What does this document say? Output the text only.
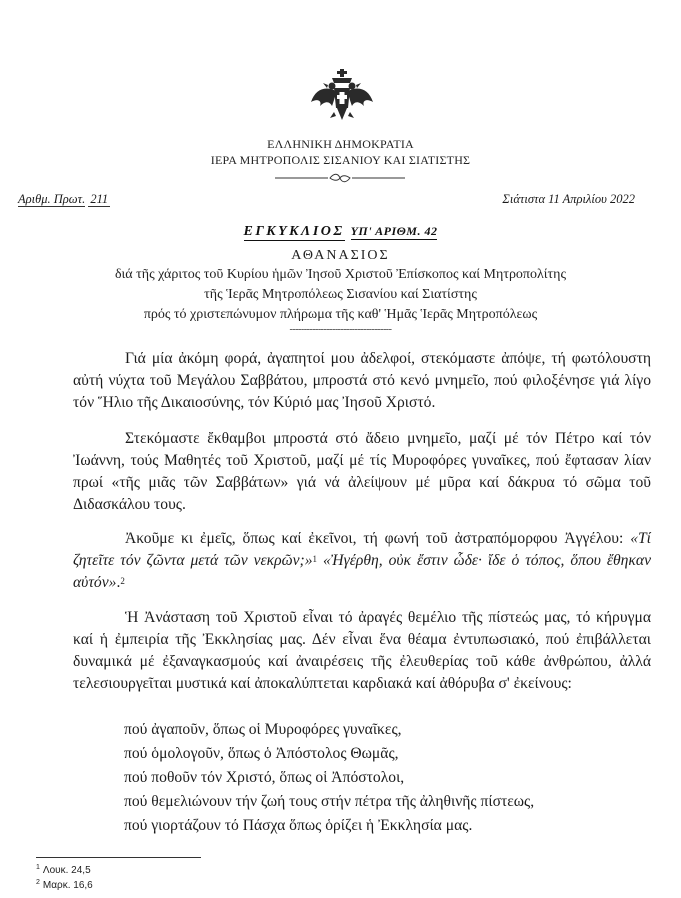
ΕΛΛΗΝΙΚΗ ΔΗΜΟΚΡΑΤΙΑ
ΙΕΡΑ ΜΗΤΡΟΠΟΛΙΣ ΣΙΣΑΝΙΟΥ ΚΑΙ ΣΙΑΤΙΣΤΗΣ
Αριθμ. Πρωτ. 211	Σιάτιστα 11 Απριλίου 2022
ΕΓΚΥΚΛΙΟΣ ΥΠ' ΑΡΙΘΜ. 42
ΑΘΑΝΑΣΙΟΣ
διά τῆς χάριτος τοῦ Κυρίου ἡμῶν Ἰησοῦ Χριστοῦ Ἐπίσκοπος καί Μητροπολίτης
τῆς Ἱερᾶς Μητροπόλεως Σισανίου καί Σιατίστης
πρός τό χριστεπώνυμον πλήρωμα τῆς καθ' Ἡμᾶς Ἱερᾶς Μητροπόλεως
------------------------------------

Γιά μία ἀκόμη φορά, ἀγαπητοί μου ἀδελφοί, στεκόμαστε ἀπόψε, τή φωτόλουστη αὐτή νύχτα τοῦ Μεγάλου Σαββάτου, μπροστά στό κενό μνημεῖο, πού φιλοξένησε γιά λίγο τόν Ἥλιο τῆς Δικαιοσύνης, τόν Κύριό μας Ἰησοῦ Χριστό.

Στεκόμαστε ἔκθαμβοι μπροστά στό ἄδειο μνημεῖο, μαζί μέ τόν Πέτρο καί τόν Ἰωάννη, τούς Μαθητές τοῦ Χριστοῦ, μαζί μέ τίς Μυροφόρες γυναῖκες, πού ἔφτασαν λίαν πρωί «τῆς μιᾶς τῶν Σαββάτων» γιά νά ἀλείψουν μέ μῦρα καί δάκρυα τό σῶμα τοῦ Διδασκάλου τους.

Ἀκοῦμε κι ἐμεῖς, ὅπως καί ἐκεῖνοι, τή φωνή τοῦ ἀστραπόμορφου Ἀγγέλου: «Τί ζητεῖτε τόν ζῶντα μετά τῶν νεκρῶν;»$^1$ «Ἠγέρθη, οὐκ ἔστιν ὧδε· ἴδε ὁ τόπος, ὅπου ἔθηκαν αὐτόν».$^2$

Ἡ Ἀνάσταση τοῦ Χριστοῦ εἶναι τό ἀραγές θεμέλιο τῆς πίστεώς μας, τό κήρυγμα καί ἡ ἐμπειρία τῆς Ἐκκλησίας μας. Δέν εἶναι ἕνα θέαμα ἐντυπωσιακό, πού ἐπιβάλλεται δυναμικά μέ ἐξαναγκασμούς καί ἀναιρέσεις τῆς ἐλευθερίας τοῦ κάθε ἀνθρώπου, ἀλλά τελεσιουργεῖται μυστικά καί ἀποκαλύπτεται καρδιακά καί ἀθόρυβα σ' ἐκείνους:

πού ἀγαποῦν, ὅπως οἱ Μυροφόρες γυναῖκες,
πού ὁμολογοῦν, ὅπως ὁ Ἀπόστολος Θωμᾶς,
πού ποθοῦν τόν Χριστό, ὅπως οἱ Ἀπόστολοι,
πού θεμελιώνουν τήν ζωή τους στήν πέτρα τῆς ἀληθινῆς πίστεως,
πού γιορτάζουν τό Πάσχα ὅπως ὁρίζει ἡ Ἐκκλησία μας.
$^1$ Λουκ. 24,5
$^2$ Μαρκ. 16,6
